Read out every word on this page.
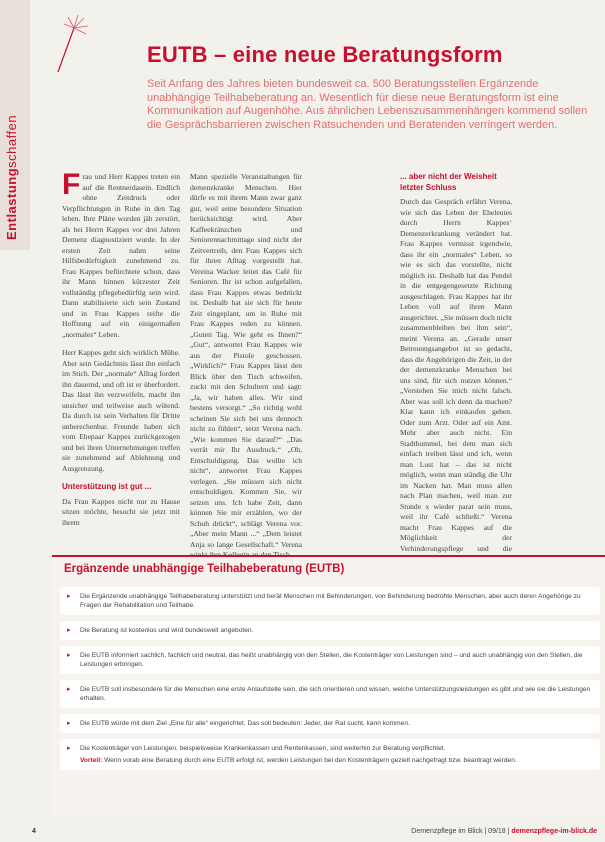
Entlastungschaffen
EUTB – eine neue Beratungsform
Seit Anfang des Jahres bieten bundesweit ca. 500 Beratungsstellen Ergänzende unabhängige Teilhabeberatung an. Wesentlich für diese neue Beratungsform ist eine Kommunikation auf Augenhöhe. Aus ähnlichen Lebenszusammenhängen kommend sollen die Gesprächsbarrieren zwischen Ratsuchenden und Beratenden verringert werden.

Frau und Herr Kappes treten ein auf die Rentnerdasein. Endlich ohne Zeitdruck oder Verpflichtungen in Ruhe in den Tag leben. Ihre Pläne wurden jäh zerstört, als bei Herrn Kappes vor drei Jahren Demenz diagnostiziert wurde. In der ersten Zeit nahm seine Hilfsbedürftigkeit zunehmend zu. Frau Kappes befürchtete schon, dass ihr Mann hinnen kürzester Zeit vollständig pflegebedürftig sein wird. Dann stabilisierte sich sein Zustand und in Frau Kappes reifte die Hoffnung auf ein einigermaßen „normales“ Leben.

Herr Kappes geht sich wirklich Mühe. Aber sein Gedächtnis lässt ihn einfach im Stich. Der „normale“ Alltag fordert ihn dauernd, und oft ist er überfordert. Das lässt ihn verzweifeln, macht ihn unsicher und teilweise auch wütend. Da durch ist sein Verhalten für Dritte unberechenbar. Freunde haben sich vom Ehepaar Kappes zurückgezogen und bei ihren Unternehmungen treffen sie zunehmend auf Ablehnung und Ausgrenzung.

Unterstützung ist gut ...

Da Frau Kappes nicht nur zu Hause sitzen möchte, besucht sie jetzt mit ihrem

Mann spezielle Veranstaltungen für demenzkranke Menschen. Hier dürfe es mit ihrem Mann zwar ganz gut, weil seine besondere Situation berücksichtigt wird. Aber Kaffeekränzchen und Seniorennachmittage sind nicht der Zeitvertreib, den Frau Kappes sich für ihren Alltag vorgestellt hat. Vereina Wacker leitet das Café für Senioren. Ihr ist schon aufgefallen, dass Frau Kappes etwas bedrückt ist. Deshalb hat sie sich für heute Zeit eingeplant, um in Ruhe mit Frau Kappes reden zu können. „Guten Tag. Wie geht es Ihnen?“ „Gut“, antwortet Frau Kappes wie aus der Pistole geschossen. „Wirklich?“ Frau Kappes lässt den Blick über den Tisch schweifen, zuckt mit den Schultern und sagt: „Ja, wir haben alles. Wir sind bestens versorgt.“ „So richtig wohl scheinen Sie sich bei uns dennoch nicht zu fühlen“, setzt Verena nach. „Wie kommen Sie darauf?“ „Das verrät mir Ihr Ausdruck.“ „Oh, Entschuldigung. Das wollte ich nicht“, antwortet Frau Kappes verlegen. „Sie müssen sich nicht entschuldigen. Kommen Sie, wir setzen uns. Ich habe Zeit, dann können Sie mir erzählen, wo der Schuh drückt“, schlägt Verena vor. „Aber mein Mann ...“ „Dem leistet Anja so lange Gesellschaft.“ Verena

... aber nicht der Weisheit
letzter Schluss

Durch das Gespräch erfährt Verena, wie sich das Leben der Eheleutes durch Herrn Kappes‘ Demenzerkrankung verändert hat. Frau Kappes vermisst irgendwie, dass ihr ein „normales“ Leben, so wie es sich das vorstellte, nicht möglich ist. Deshalb hat das Pendel in die entgegengesetzte Richtung ausgeschlagen. Frau Kappes hat ihr Leben voll auf ihren Mann ausgerichtet. „Sie müssen doch nicht zusammenbleiben bei ihm sein“, meint Verena an. „Gerade unser Betreuungsangebot ist so gedacht, dass die Angehörigen die Zeit, in der der demenzkranke Menschen bei uns sind, für sich nutzen können.“ „Verstehen Sie mich nicht falsch. Aber was soll ich denn da machen? Klar kann ich einkaufen gehen. Oder zum Arzt. Oder auf ein Amt. Mehr aber auch nicht. Ein Stadtbummel, bei dem man sich einfach treiben lässt und ich, wenn man Lust hat – das ist nicht möglich, wenn man ständig die Uhr im Nacken hat. Man muss allen nach Plan machen, weil man zur Stunde x wieder parat sein muss, weil ihr Café schließt.“ Verena macht Frau Kappes auf die Möglichkeit der Verhinderungspflege und die

Ergänzende unabhängige Teilhabeberatung (EUTB)
▸ Die Ergänzende unabhängige Teilhabeberatung unterstützt und berät Menschen mit Behinderungen, von Behinderung bedrohte Menschen, aber auch deren Angehörige zu Fragen der Rehabilitation und Teilhabe.
▸ Die Beratung ist kostenlos und wird bundesweit angeboten.
▸ Die EUTB informiert sachlich, fachlich und neutral, das heißt unabhängig von den Stellen, die Kostenträger von Leistungen sind – und auch unabhängig von den Stellen, die Leistungen erbringen.
▸ Die EUTB soll insbesondere für die Menschen eine erste Anlaufstelle sein, die sich orientieren und wissen, welche Unterstützungsleistungen es gibt und wie sie die Leistungen erhalten.
▸ Die EUTB würde mit dem Ziel „Eine für alle“ eingerichtet. Das soll bedeuten: Jeder, der Rat sucht, kann kommen.
▸ Die Kostenträger von Leistungen, beispielsweise Krankenkassen und Rentenkassen, sind weiterhin zur Beratung verpflichtet.
Vorteil: Wenn vorab eine Beratung durch eine EUTB erfolgt ist, werden Leistungen bei den Kostenträgern gezielt nachgefragt bzw. beantragt werden.
4	Demenzpflege im Blick | 09/18 | demenzpflege-im-blick.de
